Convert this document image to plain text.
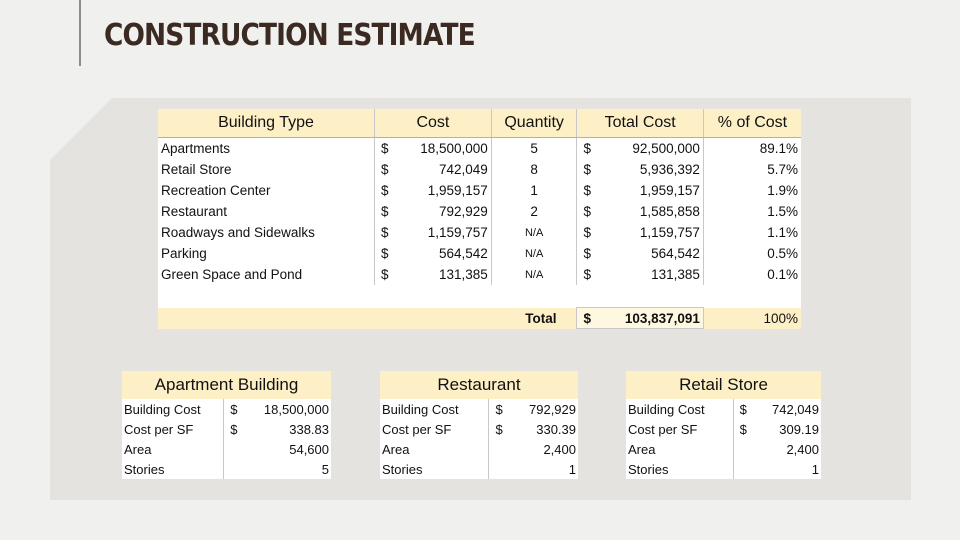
CONSTRUCTION ESTIMATE
Building Type	Cost		Quantity	Total Cost		% of Cost
Apartments	$	18,500,000	5	$	92,500,000	89.1%
Retail Store	$	742,049	8	$	5,936,392	5.7%
Recreation Center	$	1,959,157	1	$	1,959,157	1.9%
Restaurant	$	792,929	2	$	1,585,858	1.5%
Roadways and Sidewalks	$	1,159,757	N/A	$	1,159,757	1.1%
Parking	$	564,542	N/A	$	564,542	0.5%
Green Space and Pond	$	131,385	N/A	$	131,385	0.1%

Total				$	103,837,091	100%
Apartment Building		
Building Cost	$	18,500,000
Cost per SF	$	338.83
Area		54,600
Stories		5
Restaurant		
Building Cost	$	792,929
Cost per SF	$	330.39
Area		2,400
Stories		1
Retail Store		
Building Cost	$	742,049
Cost per SF	$	309.19
Area		2,400
Stories		1
